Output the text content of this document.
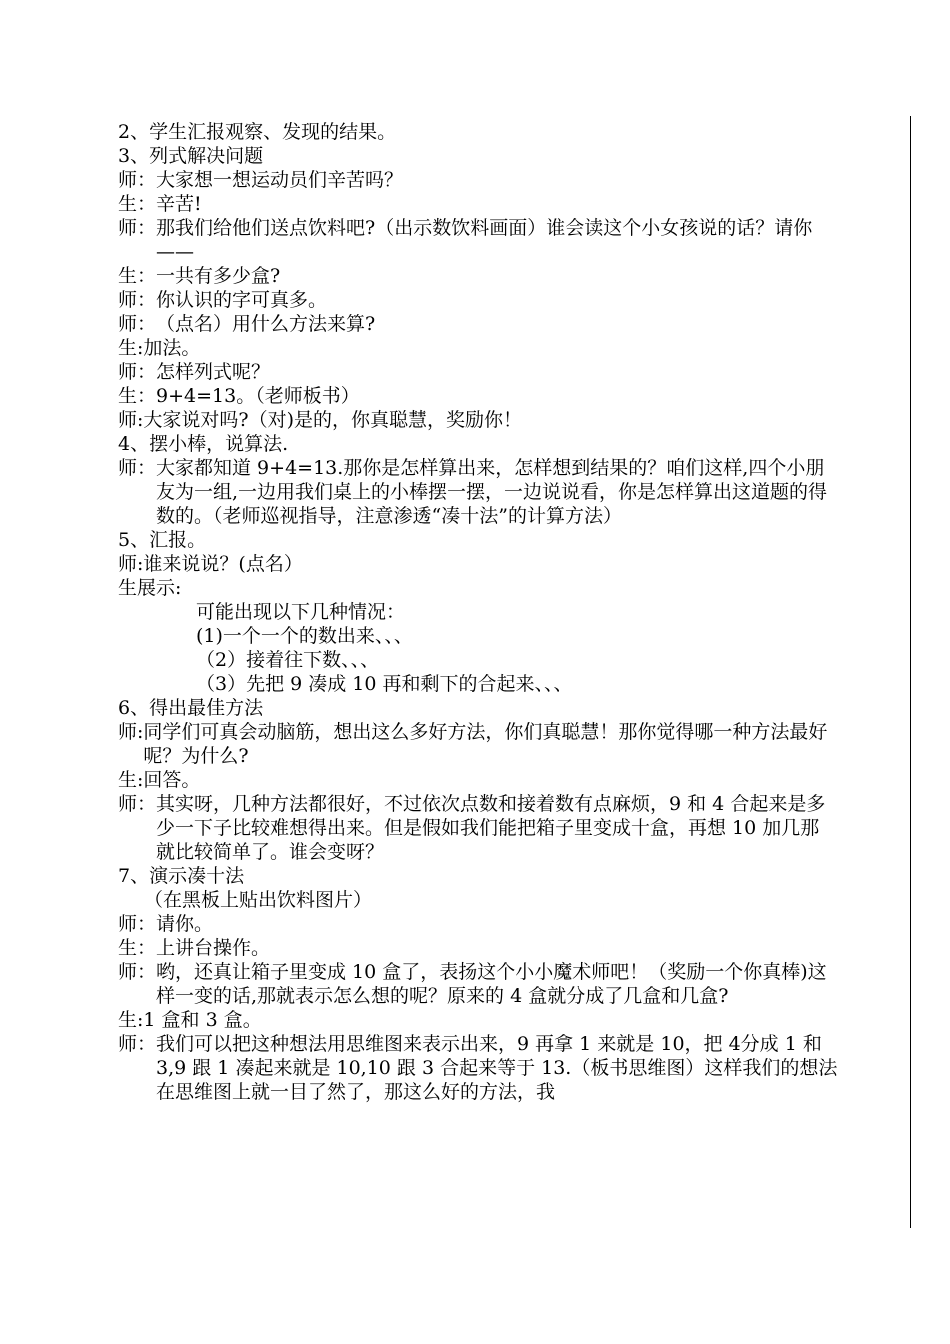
2、学生汇报观察、发现的结果。
3、列式解决问题
师： 大家想一想运动员们辛苦吗？
生： 辛苦!
师： 那我们给他们送点饮料吧?（出示数饮料画面）谁会读这个小女孩说的话？请你——
生： 一共有多少盒?
师： 你认识的字可真多。
师： （点名）用什么方法来算?
生: 加法。
师： 怎样列式呢？
生： 9+4=13。（老师板书）
师: 大家说对吗?（对)是的，你真聪慧，奖励你！
4、摆小棒，说算法.
师： 大家都知道 9+4=13.那你是怎样算出来，怎样想到结果的？咱们这样,四个小朋友为一组,一边用我们桌上的小棒摆一摆，一边说说看，你是怎样算出这道题的得数的。（老师巡视指导，注意渗透“凑十法”的计算方法）
5、汇报。
师: 谁来说说？(点名）
生展示:
可能出现以下几种情况：
(1)一个一个的数出来、、、
（2）接着往下数、、、
（3）先把 9 凑成 10 再和剩下的合起来、、、
6、得出最佳方法
师: 同学们可真会动脑筋，想出这么多好方法，你们真聪慧！那你觉得哪一种方法最好呢？为什么?
生: 回答。
师： 其实呀，几种方法都很好，不过依次点数和接着数有点麻烦，9 和 4 合起来是多少一下子比较难想得出来。但是假如我们能把箱子里变成十盒，再想 10 加几那就比较简单了。谁会变呀？
7、演示凑十法
（在黑板上贴出饮料图片）
师： 请你。
生： 上讲台操作。
师： 哟，还真让箱子里变成 10 盒了，表扬这个小小魔术师吧！（奖励一个你真棒)这样一变的话,那就表示怎么想的呢？原来的 4 盒就分成了几盒和几盒?
生: 1 盒和 3 盒。
师： 我们可以把这种想法用思维图来表示出来，9 再拿 1 来就是 10，把 4分成 1 和 3,9 跟 1 凑起来就是 10,10 跟 3 合起来等于 13.（板书思维图）这样我们的想法在思维图上就一目了然了，那这么好的方法，我
